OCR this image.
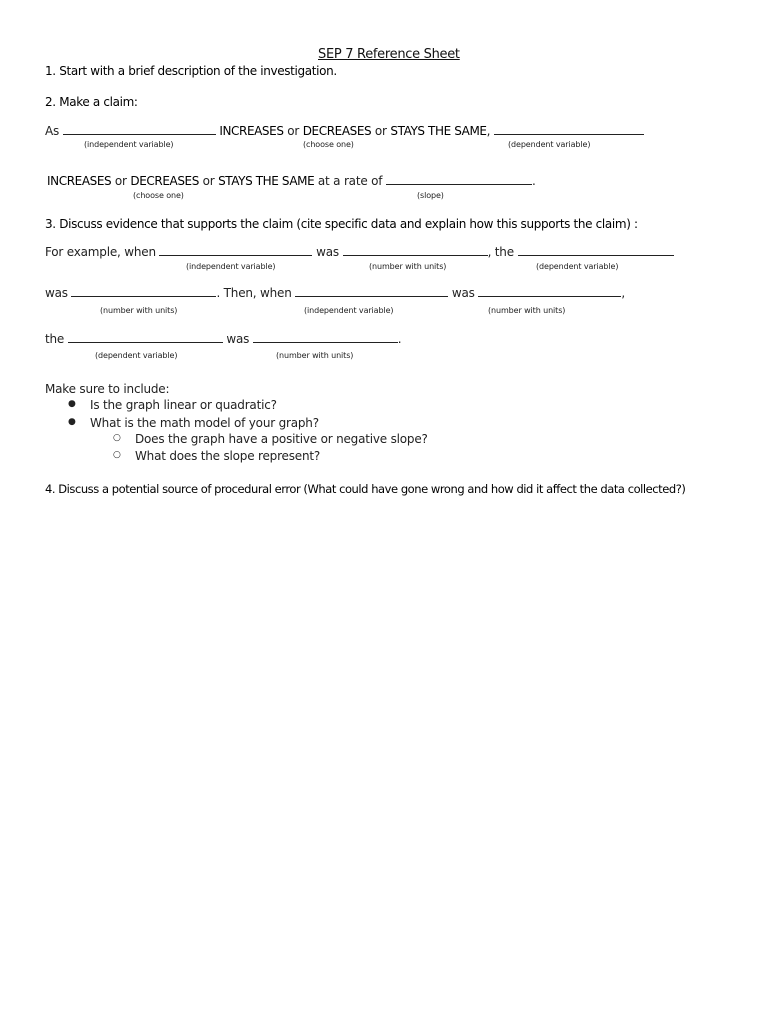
SEP 7 Reference Sheet
1. Start with a brief description of the investigation.
2. Make a claim:
As	INCREASES or DECREASES or STAYS THE SAME,
(independent variable)	(choose one)	(dependent variable)
INCREASES or DECREASES or STAYS THE SAME at a rate of	.
(choose one)	(slope)
3. Discuss evidence that supports the claim (cite specific data and explain how this supports the claim) :
For example, when	was	, the
(independent variable)	(number with units)	(dependent variable)
was	. Then, when	was	,
(number with units)	(independent variable)	(number with units)
the	was	.
(dependent variable)	(number with units)
Make sure to include:
● Is the graph linear or quadratic?
● What is the math model of your graph?
○ Does the graph have a positive or negative slope?
○ What does the slope represent?
4. Discuss a potential source of procedural error (What could have gone wrong and how did it affect the data collected?)
